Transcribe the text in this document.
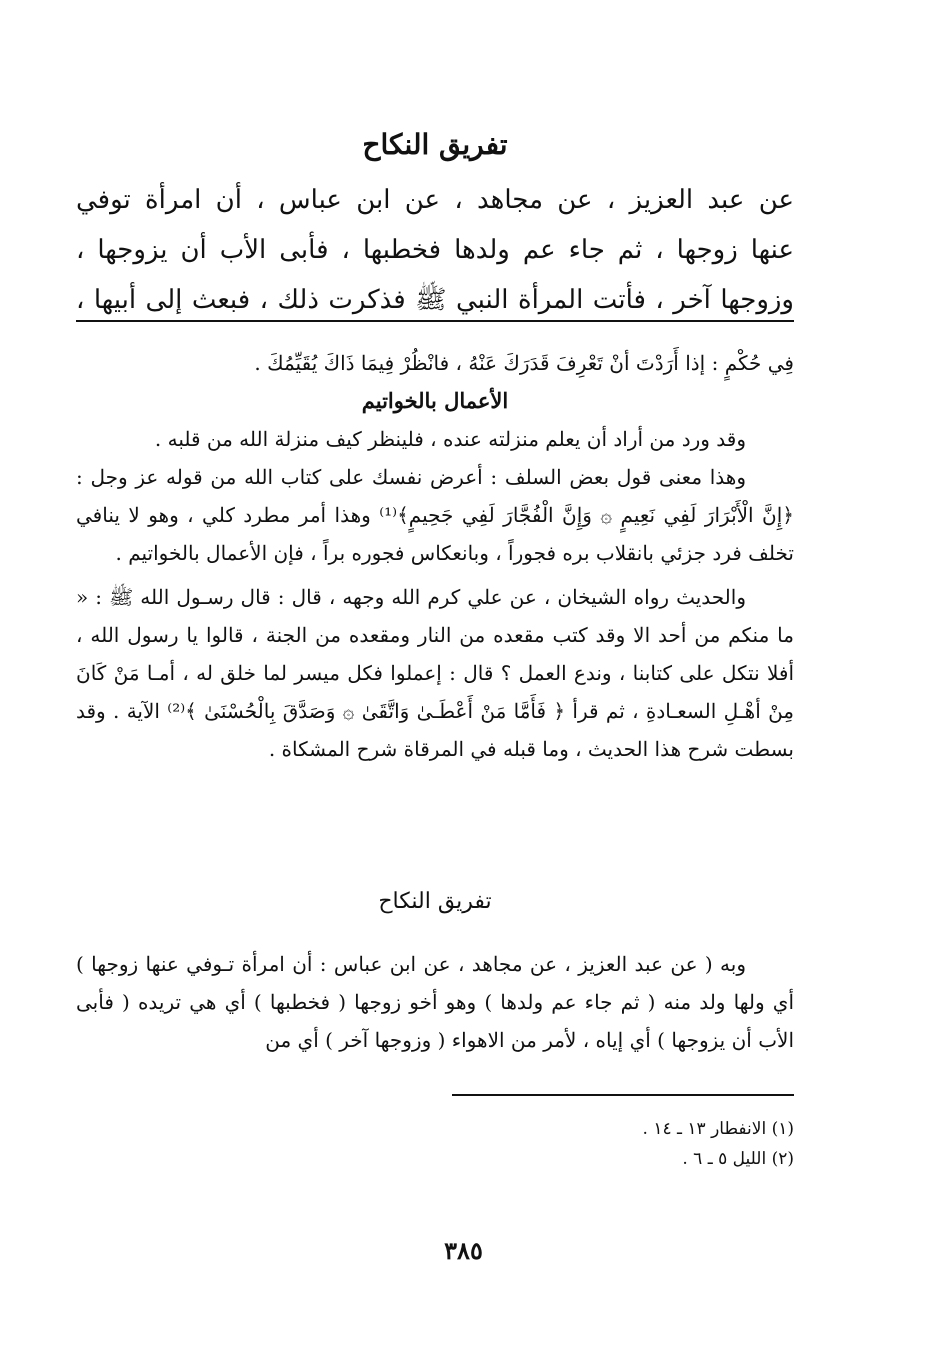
تفريق النكاح

عن عبد العزيز ، عن مجاهد ، عن ابن عباس ، أن امرأة توفي

عنها زوجها ، ثم جاء عم ولدها فخطبها ، فأبى الأب أن يزوجها ،

وزوجها آخر ، فأتت المرأة النبي ﷺ فذكرت ذلك ، فبعث إلى أبيها ،

فِي حُكْمٍ : إذا أَرَدْتَ أنْ تَعْرِفَ قَدَرَكَ عَنْهُ ، فانْظُرْ فِيمَا ذَاكَ يُقَيِّمُكَ .

الأعمال بالخواتيم

وقد ورد من أراد أن يعلم منزلته عنده ، فلينظر كيف منزلة الله من قلبه .

وهذا معنى قول بعض السلف : أعرض نفسك على كتاب الله من قوله عز وجل : ﴿إِنَّ الْأَبْرَارَ لَفِي نَعِيمٍ ۞ وَإِنَّ الْفُجَّارَ لَفِي جَحِيمٍ﴾⁽¹⁾ وهذا أمر مطرد كلي ، وهو لا ينافي تخلف فرد جزئي بانقلاب بره فجوراً ، وبانعكاس فجوره براً ، فإن الأعمال بالخواتيم .

والحديث رواه الشيخان ، عن علي كرم الله وجهه ، قال : قال رسـول الله ﷺ : « ما منكم من أحد الا وقد كتب مقعده من النار ومقعده من الجنة ، قالوا يا رسول الله ، أفلا نتكل على كتابنا ، وندع العمل ؟ قال : إعملوا فكل ميسر لما خلق له ، أمـا مَنْ كَانَ مِنْ أهْـلِ السعـادةِ ، ثم قرأ ﴿ فَأَمَّا مَنْ أَعْطَـىٰ وَاتَّقَىٰ ۞ وَصَدَّقَ بِالْحُسْنَىٰ ﴾⁽²⁾ الآية . وقد بسطت شرح هذا الحديث ، وما قبله في المرقاة شرح المشكاة .

تفريق النكاح

وبه ( عن عبد العزيز ، عن مجاهد ، عن ابن عباس : أن امرأة تـوفي عنها زوجها ) أي ولها ولد منه ( ثم جاء عم ولدها ) وهو أخو زوجها ( فخطبها ) أي هي تريده ( فأبى الأب أن يزوجها ) أي إياه ، لأمر من الاهواء ( وزوجها آخر ) أي من

(١) الانفطار ١٣ ـ ١٤ .

(٢) الليل ٥ ـ ٦ .

٣٨٥
